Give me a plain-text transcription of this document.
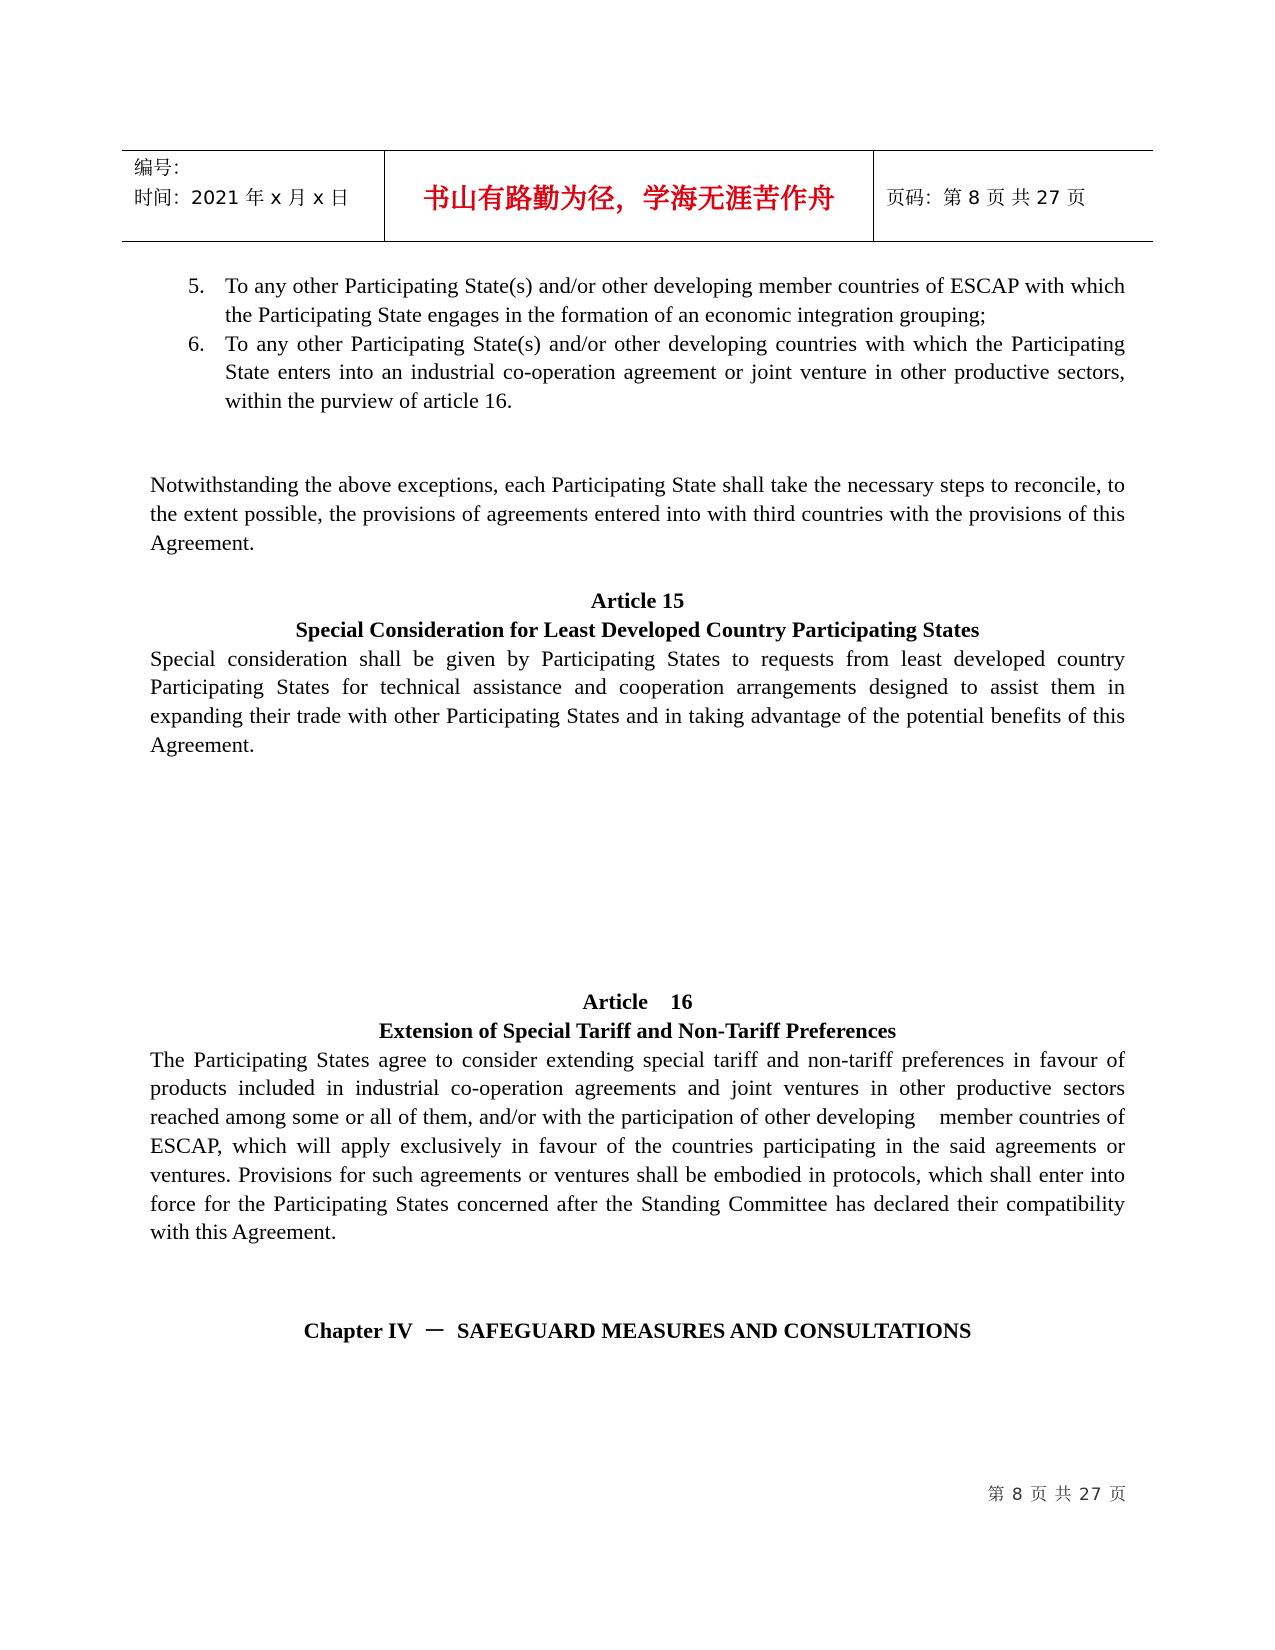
编号：
时间：2021 年 x 月 x 日	书山有路勤为径，学海无涯苦作舟	页码：第 8 页 共 27 页
5. To any other Participating State(s) and/or other developing member countries of ESCAP with which the Participating State engages in the formation of an economic integration grouping;
6. To any other Participating State(s) and/or other developing countries with which the Participating State enters into an industrial co-operation agreement or joint venture in other productive sectors, within the purview of article 16.
Notwithstanding the above exceptions, each Participating State shall take the necessary steps to reconcile, to the extent possible, the provisions of agreements entered into with third countries with the provisions of this Agreement.
Article 15
Special Consideration for Least Developed Country Participating States
Special consideration shall be given by Participating States to requests from least developed country Participating States for technical assistance and cooperation arrangements designed to assist them in expanding their trade with other Participating States and in taking advantage of the potential benefits of this Agreement.
Article    16
Extension of Special Tariff and Non-Tariff Preferences
The Participating States agree to consider extending special tariff and non-tariff preferences in favour of products included in industrial co-operation agreements and joint ventures in other productive sectors reached among some or all of them, and/or with the participation of other developing    member countries of ESCAP, which will apply exclusively in favour of the countries participating in the said agreements or ventures. Provisions for such agreements or ventures shall be embodied in protocols, which shall enter into force for the Participating States concerned after the Standing Committee has declared their compatibility with this Agreement.
Chapter IV  －  SAFEGUARD MEASURES AND CONSULTATIONS
第 8 页 共 27 页
